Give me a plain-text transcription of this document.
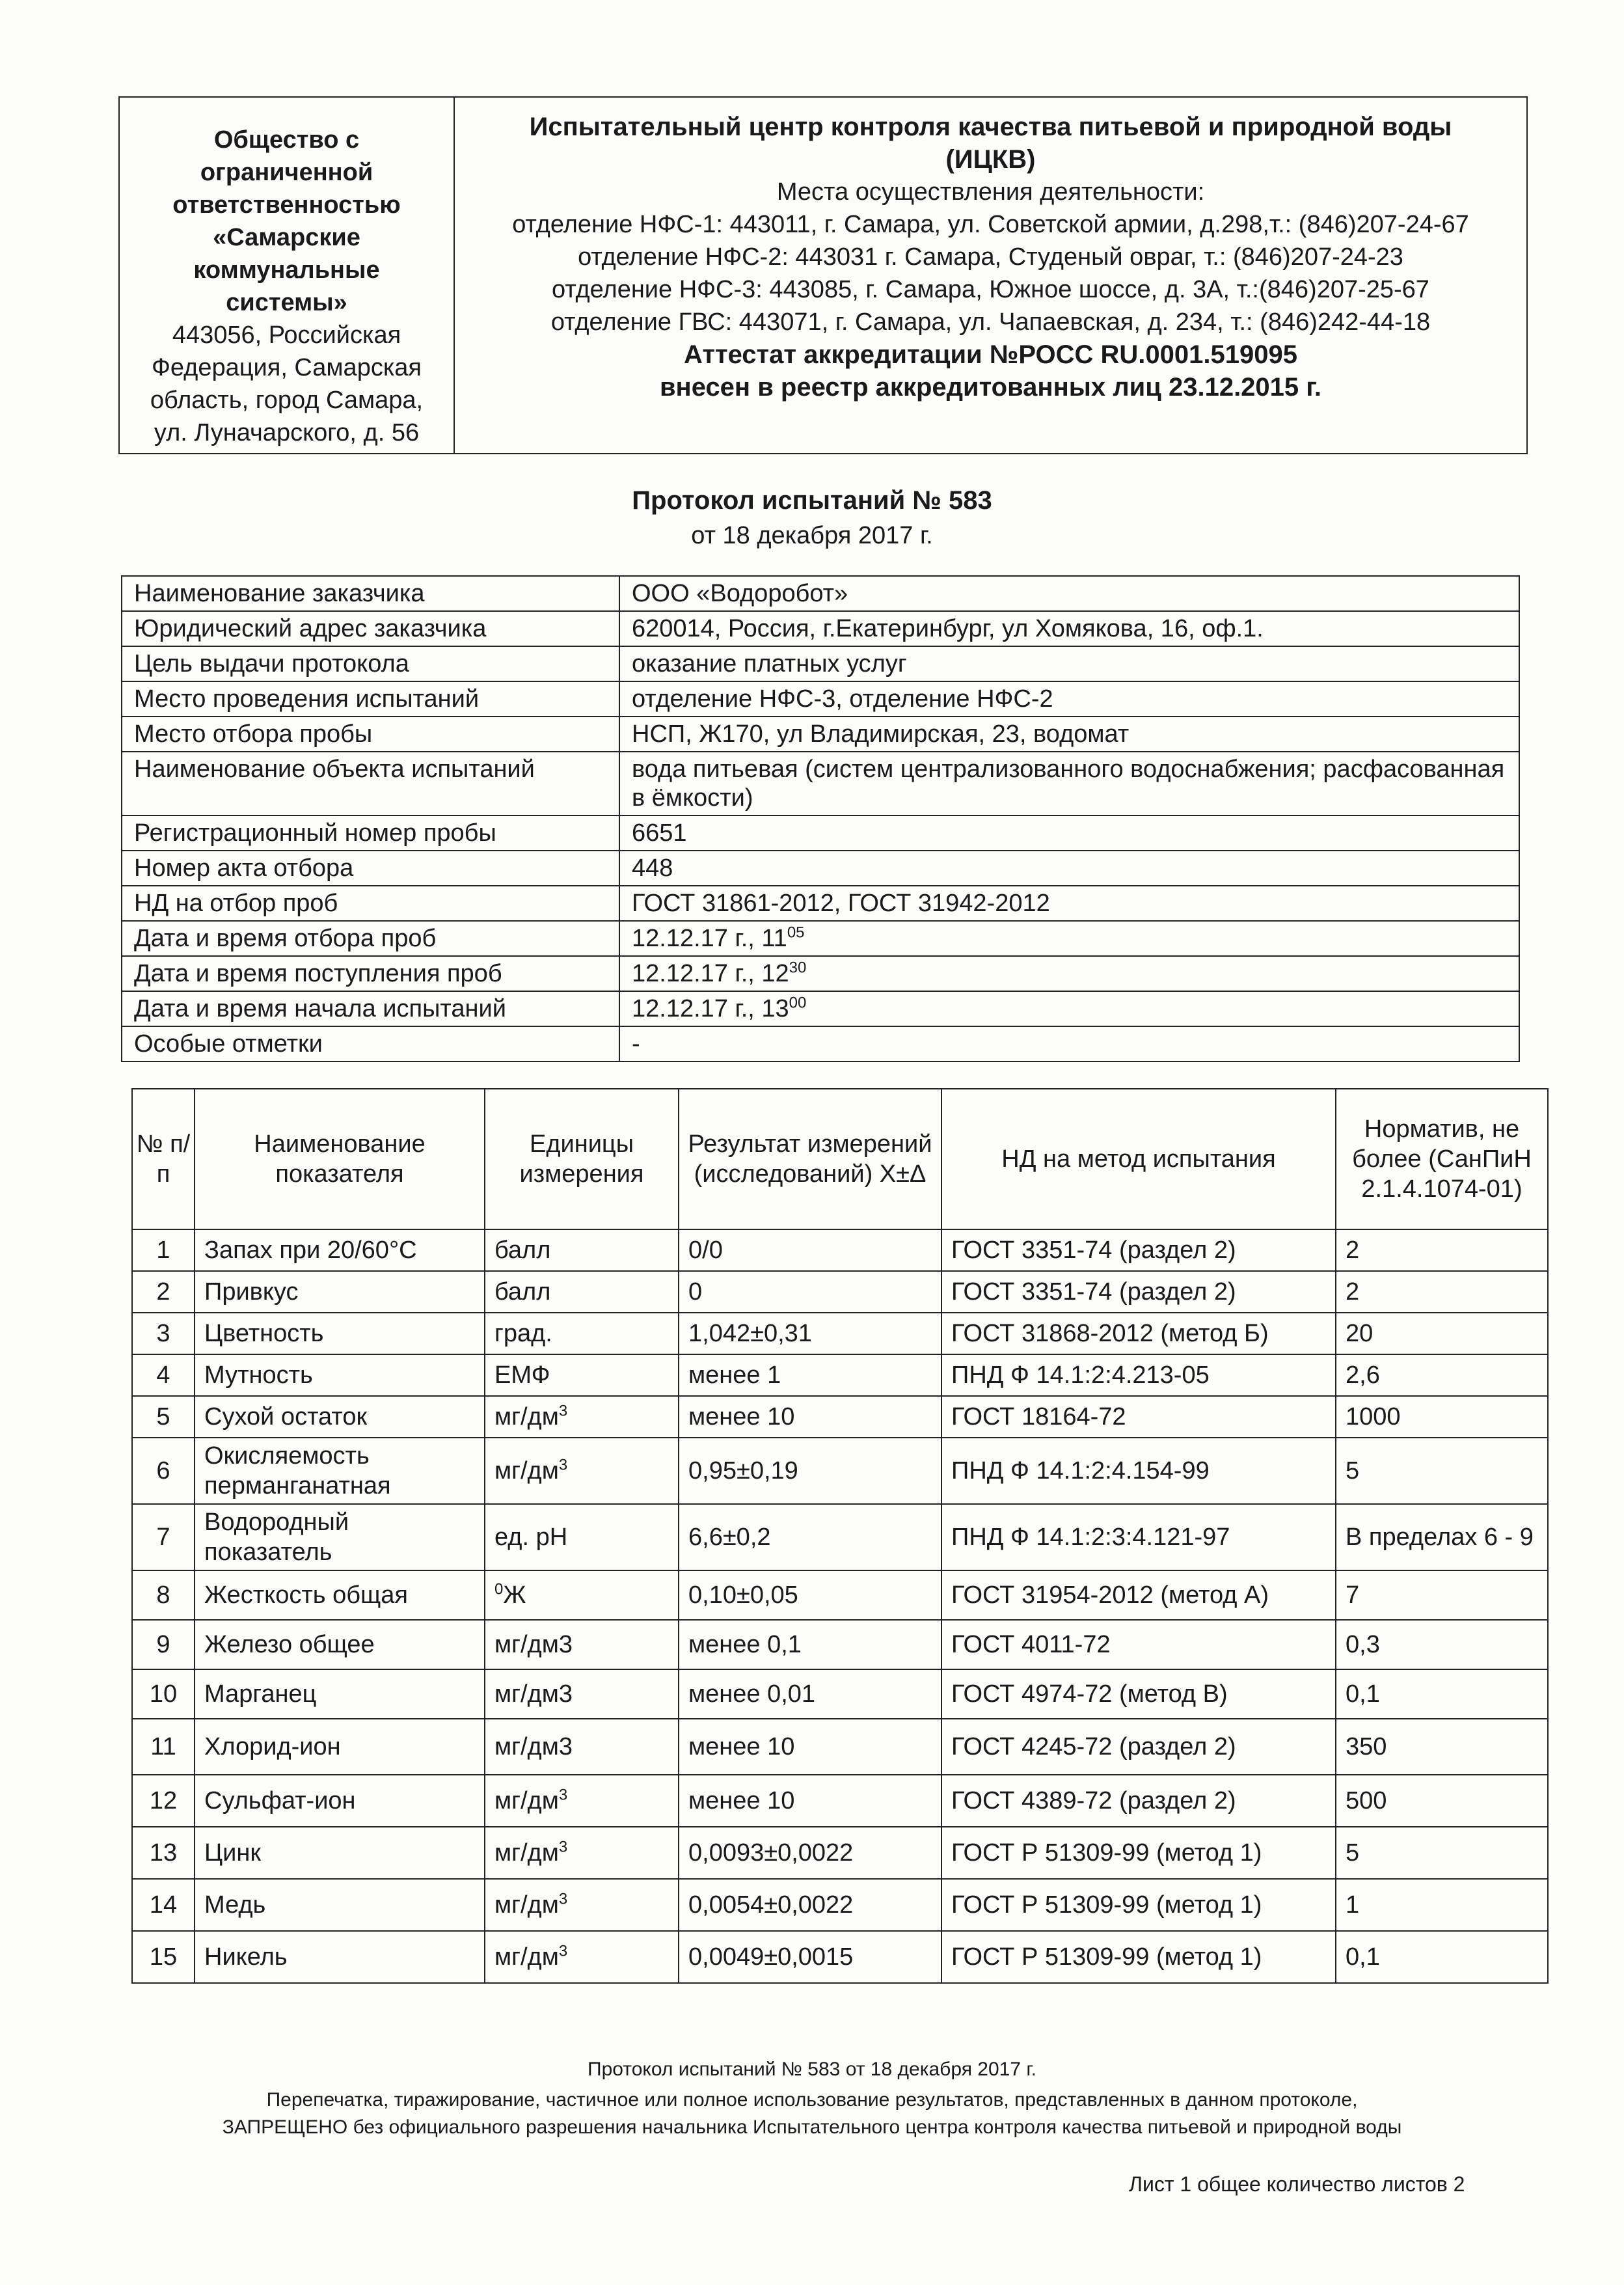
Общество с
ограниченной
ответственностью
«Самарские
коммунальные
системы»
443056, Российская
Федерация, Самарская
область, город Самара,
ул. Луначарского, д. 56
Испытательный центр контроля качества питьевой и природной воды
(ИЦКВ)
Места осуществления деятельности:
отделение НФС-1: 443011, г. Самара, ул. Советской армии, д.298,т.: (846)207-24-67
отделение НФС-2: 443031 г. Самара, Студеный овраг, т.: (846)207-24-23
отделение НФС-3: 443085, г. Самара, Южное шоссе, д. 3А, т.:(846)207-25-67
отделение ГВС: 443071, г. Самара, ул. Чапаевская, д. 234, т.: (846)242-44-18
Аттестат аккредитации №РОСС RU.0001.519095
внесен в реестр аккредитованных лиц 23.12.2015 г.
Протокол испытаний № 583
от 18 декабря 2017 г.
Наименование заказчика	ООО «Водоробот»
Юридический адрес заказчика	620014, Россия, г.Екатеринбург, ул Хомякова, 16, оф.1.
Цель выдачи протокола	оказание платных услуг
Место проведения испытаний	отделение НФС-3, отделение НФС-2
Место отбора пробы	НСП, Ж170, ул Владимирская, 23, водомат
Наименование объекта испытаний	вода питьевая (систем централизованного водоснабжения; расфасованная в ёмкости)
Регистрационный номер пробы	6651
Номер акта отбора	448
НД на отбор проб	ГОСТ 31861-2012, ГОСТ 31942-2012
Дата и время отбора проб	12.12.17 г., $11^{05}$
Дата и время поступления проб	12.12.17 г., $12^{30}$
Дата и время начала испытаний	12.12.17 г., $13^{00}$
Особые отметки	-
№ п/п	Наименование показателя	Единицы измерения	Результат измерений (исследований) X±Δ	НД на метод испытания	Норматив, не более (СанПиН 2.1.4.1074-01)
1	Запах при 20/60°С	балл	0/0	ГОСТ 3351-74 (раздел 2)	2
2	Привкус	балл	0	ГОСТ 3351-74 (раздел 2)	2
3	Цветность	град.	1,042±0,31	ГОСТ 31868-2012 (метод Б)	20
4	Мутность	ЕМФ	менее 1	ПНД Ф 14.1:2:4.213-05	2,6
5	Сухой остаток	$мг/дм^3$	менее 10	ГОСТ 18164-72	1000
6	Окисляемость перманганатная	$мг/дм^3$	0,95±0,19	ПНД Ф 14.1:2:4.154-99	5
7	Водородный показатель	ед. рН	6,6±0,2	ПНД Ф 14.1:2:3:4.121-97	В пределах 6 - 9
8	Жесткость общая	$^0$Ж	0,10±0,05	ГОСТ 31954-2012 (метод А)	7
9	Железо общее	мг/дм3	менее 0,1	ГОСТ 4011-72	0,3
10	Марганец	мг/дм3	менее 0,01	ГОСТ 4974-72 (метод В)	0,1
11	Хлорид-ион	мг/дм3	менее 10	ГОСТ 4245-72 (раздел 2)	350
12	Сульфат-ион	$мг/дм^3$	менее 10	ГОСТ 4389-72 (раздел 2)	500
13	Цинк	$мг/дм^3$	0,0093±0,0022	ГОСТ Р 51309-99 (метод 1)	5
14	Медь	$мг/дм^3$	0,0054±0,0022	ГОСТ Р 51309-99 (метод 1)	1
15	Никель	$мг/дм^3$	0,0049±0,0015	ГОСТ Р 51309-99 (метод 1)	0,1
Протокол испытаний № 583 от 18 декабря 2017 г.
Перепечатка, тиражирование, частичное или полное использование результатов, представленных в данном протоколе,
ЗАПРЕЩЕНО без официального разрешения начальника Испытательного центра контроля качества питьевой и природной воды
Лист 1 общее количество листов 2
